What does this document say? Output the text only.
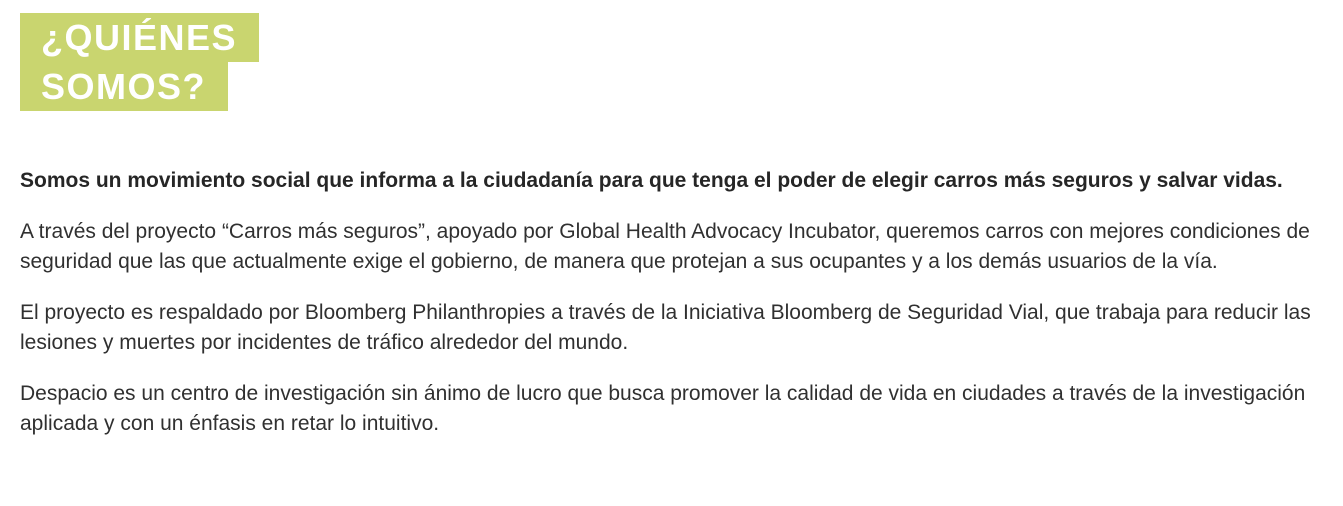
¿QUIÉNES
SOMOS?

Somos un movimiento social que informa a la ciudadanía para que tenga el poder de elegir carros más seguros y salvar vidas.

A través del proyecto “Carros más seguros”, apoyado por Global Health Advocacy Incubator, queremos carros con mejores condiciones de seguridad que las que actualmente exige el gobierno, de manera que protejan a sus ocupantes y a los demás usuarios de la vía.

El proyecto es respaldado por Bloomberg Philanthropies a través de la Iniciativa Bloomberg de Seguridad Vial, que trabaja para reducir las lesiones y muertes por incidentes de tráfico alrededor del mundo.

Despacio es un centro de investigación sin ánimo de lucro que busca promover la calidad de vida en ciudades a través de la investigación aplicada y con un énfasis en retar lo intuitivo.
